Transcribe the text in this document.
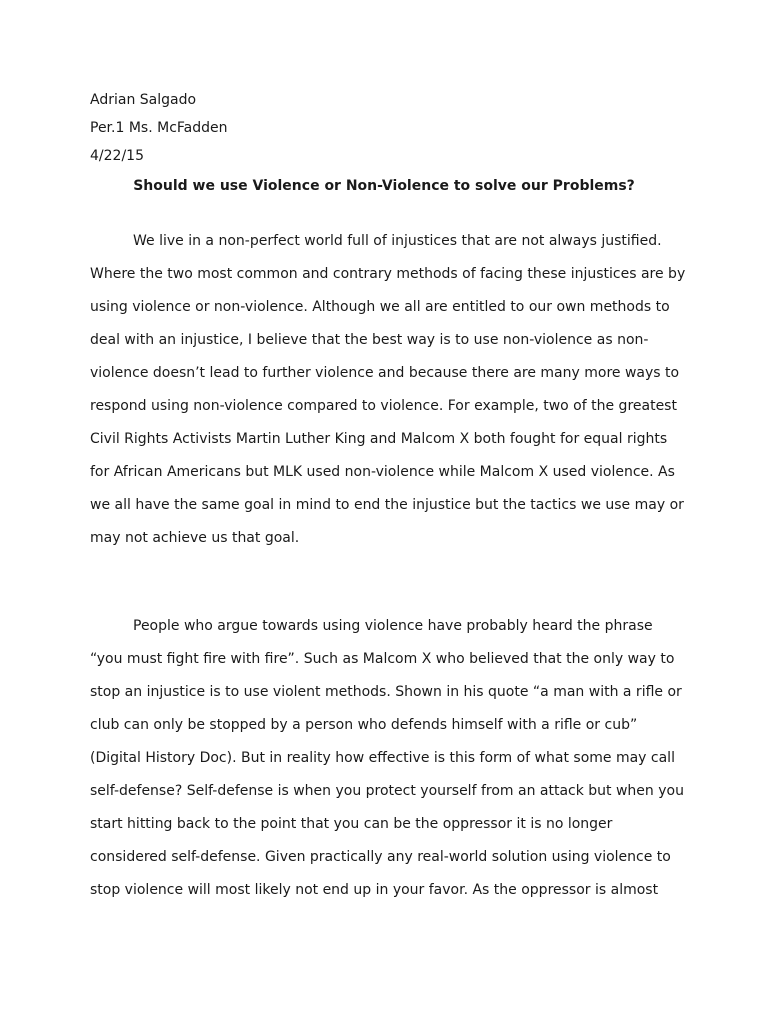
Adrian Salgado
Per.1 Ms. McFadden
4/22/15
Should we use Violence or Non-Violence to solve our Problems?
We live in a non-perfect world full of injustices that are not always justified.
Where the two most common and contrary methods of facing these injustices are by
using violence or non-violence. Although we all are entitled to our own methods to
deal with an injustice, I believe that the best way is to use non-violence as non-
violence doesn’t lead to further violence and because there are many more ways to
respond using non-violence compared to violence. For example, two of the greatest
Civil Rights Activists Martin Luther King and Malcom X both fought for equal rights
for African Americans but MLK used non-violence while Malcom X used violence. As
we all have the same goal in mind to end the injustice but the tactics we use may or
may not achieve us that goal.
People who argue towards using violence have probably heard the phrase
“you must fight fire with fire”. Such as Malcom X who believed that the only way to
stop an injustice is to use violent methods. Shown in his quote “a man with a rifle or
club can only be stopped by a person who defends himself with a rifle or cub”
(Digital History Doc). But in reality how effective is this form of what some may call
self-defense? Self-defense is when you protect yourself from an attack but when you
start hitting back to the point that you can be the oppressor it is no longer
considered self-defense. Given practically any real-world solution using violence to
stop violence will most likely not end up in your favor. As the oppressor is almost
